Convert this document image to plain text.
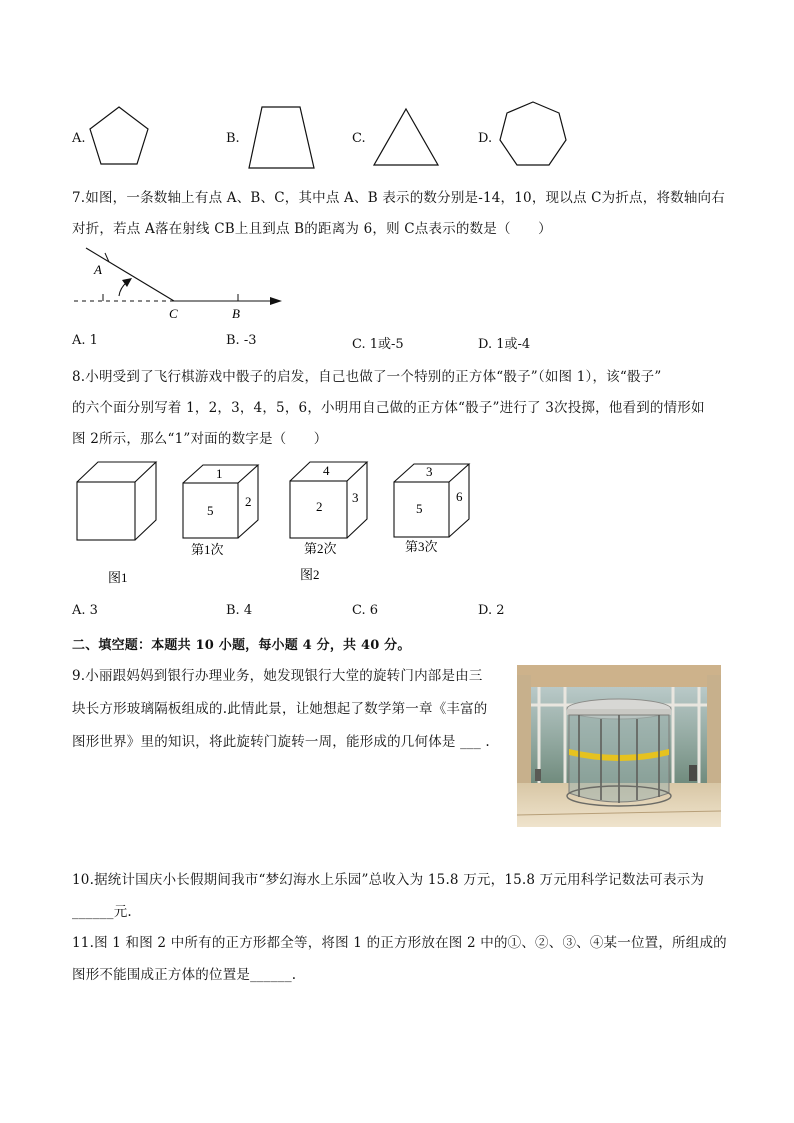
A.	B.	C.	D.
7.如图，一条数轴上有点 A、B、C，其中点 A、B 表示的数分别是-14，10，现以点 C为折点，将数轴向右
对折，若点 A落在射线 CB上且到点 B的距离为 6，则 C点表示的数是（　　）
A
C	B
A. 1	B. -3	C. 1或-5	D. 1或-4
8.小明受到了飞行棋游戏中骰子的启发，自己也做了一个特别的正方体“骰子”（如图 1），该“骰子”
的六个面分别写着 1，2，3，4，5，6，小明用自己做的正方体“骰子”进行了 3次投掷，他看到的情形如
图 2所示，那么“1”对面的数字是（　　）
1
5
2
第1次
4
2
3
第2次
3
5
6
第3次
图1	图2
A. 3	B. 4	C. 6	D. 2
二、填空题：本题共 10 小题，每小题 4 分，共 40 分。
9.小丽跟妈妈到银行办理业务，她发现银行大堂的旋转门内部是由三
块长方形玻璃隔板组成的.此情此景，让她想起了数学第一章《丰富的
图形世界》里的知识，将此旋转门旋转一周，能形成的几何体是 ___ .
10.据统计国庆小长假期间我市“梦幻海水上乐园”总收入为 15.8 万元，15.8 万元用科学记数法可表示为
______元.
11.图 1 和图 2 中所有的正方形都全等，将图 1 的正方形放在图 2 中的①、②、③、④某一位置，所组成的
图形不能围成正方体的位置是______.
